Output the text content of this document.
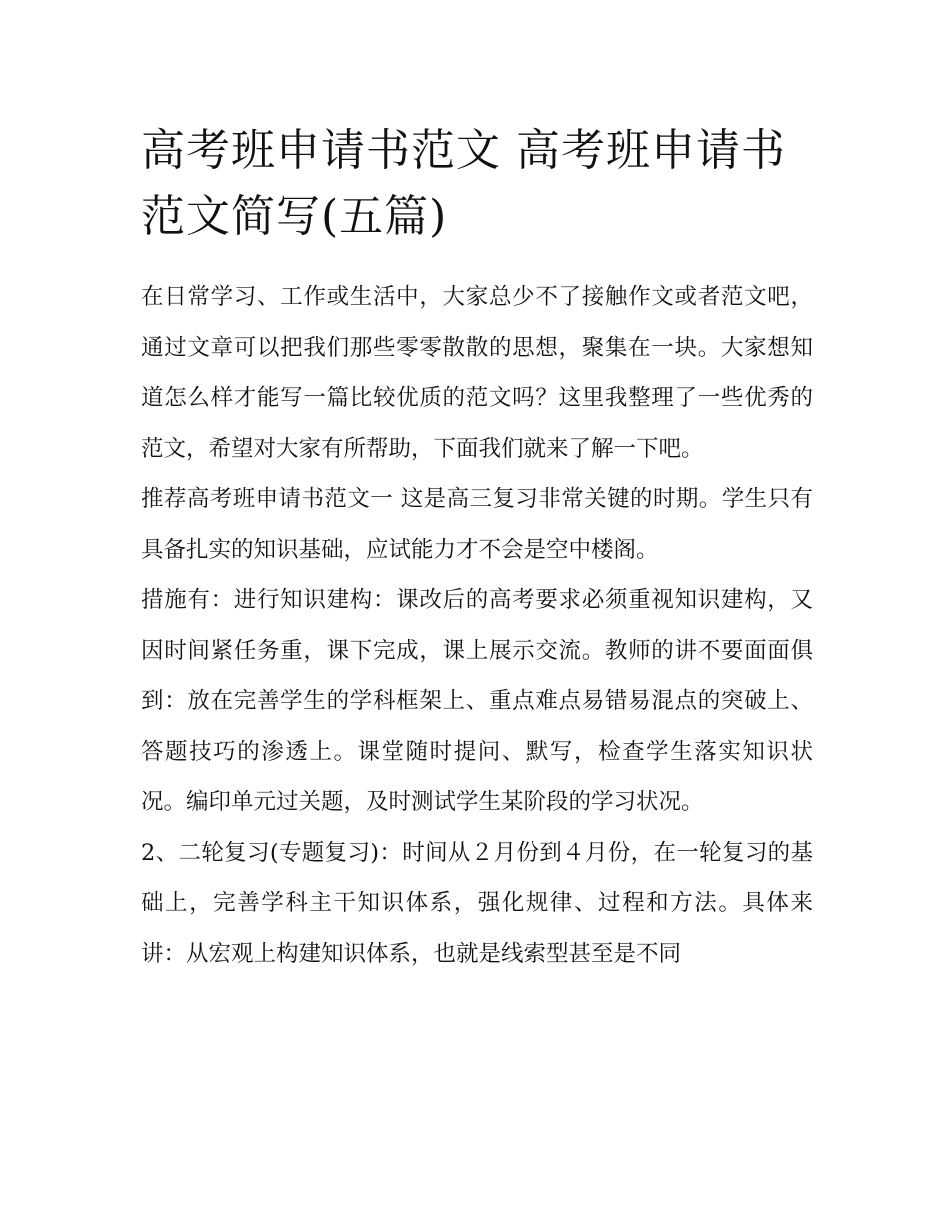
高考班申请书范文 高考班申请书范文简写(五篇)

在日常学习、工作或生活中，大家总少不了接触作文或者范文吧，通过文章可以把我们那些零零散散的思想，聚集在一块。大家想知道怎么样才能写一篇比较优质的范文吗？这里我整理了一些优秀的范文，希望对大家有所帮助，下面我们就来了解一下吧。

推荐高考班申请书范文一 这是高三复习非常关键的时期。学生只有具备扎实的知识基础，应试能力才不会是空中楼阁。

措施有：进行知识建构：课改后的高考要求必须重视知识建构，又因时间紧任务重，课下完成，课上展示交流。教师的讲不要面面俱到：放在完善学生的学科框架上、重点难点易错易混点的突破上、答题技巧的渗透上。课堂随时提问、默写，检查学生落实知识状况。编印单元过关题，及时测试学生某阶段的学习状况。

2、二轮复习(专题复习)：时间从２月份到４月份，在一轮复习的基础上，完善学科主干知识体系，强化规律、过程和方法。具体来讲：从宏观上构建知识体系，也就是线索型甚至是不同
